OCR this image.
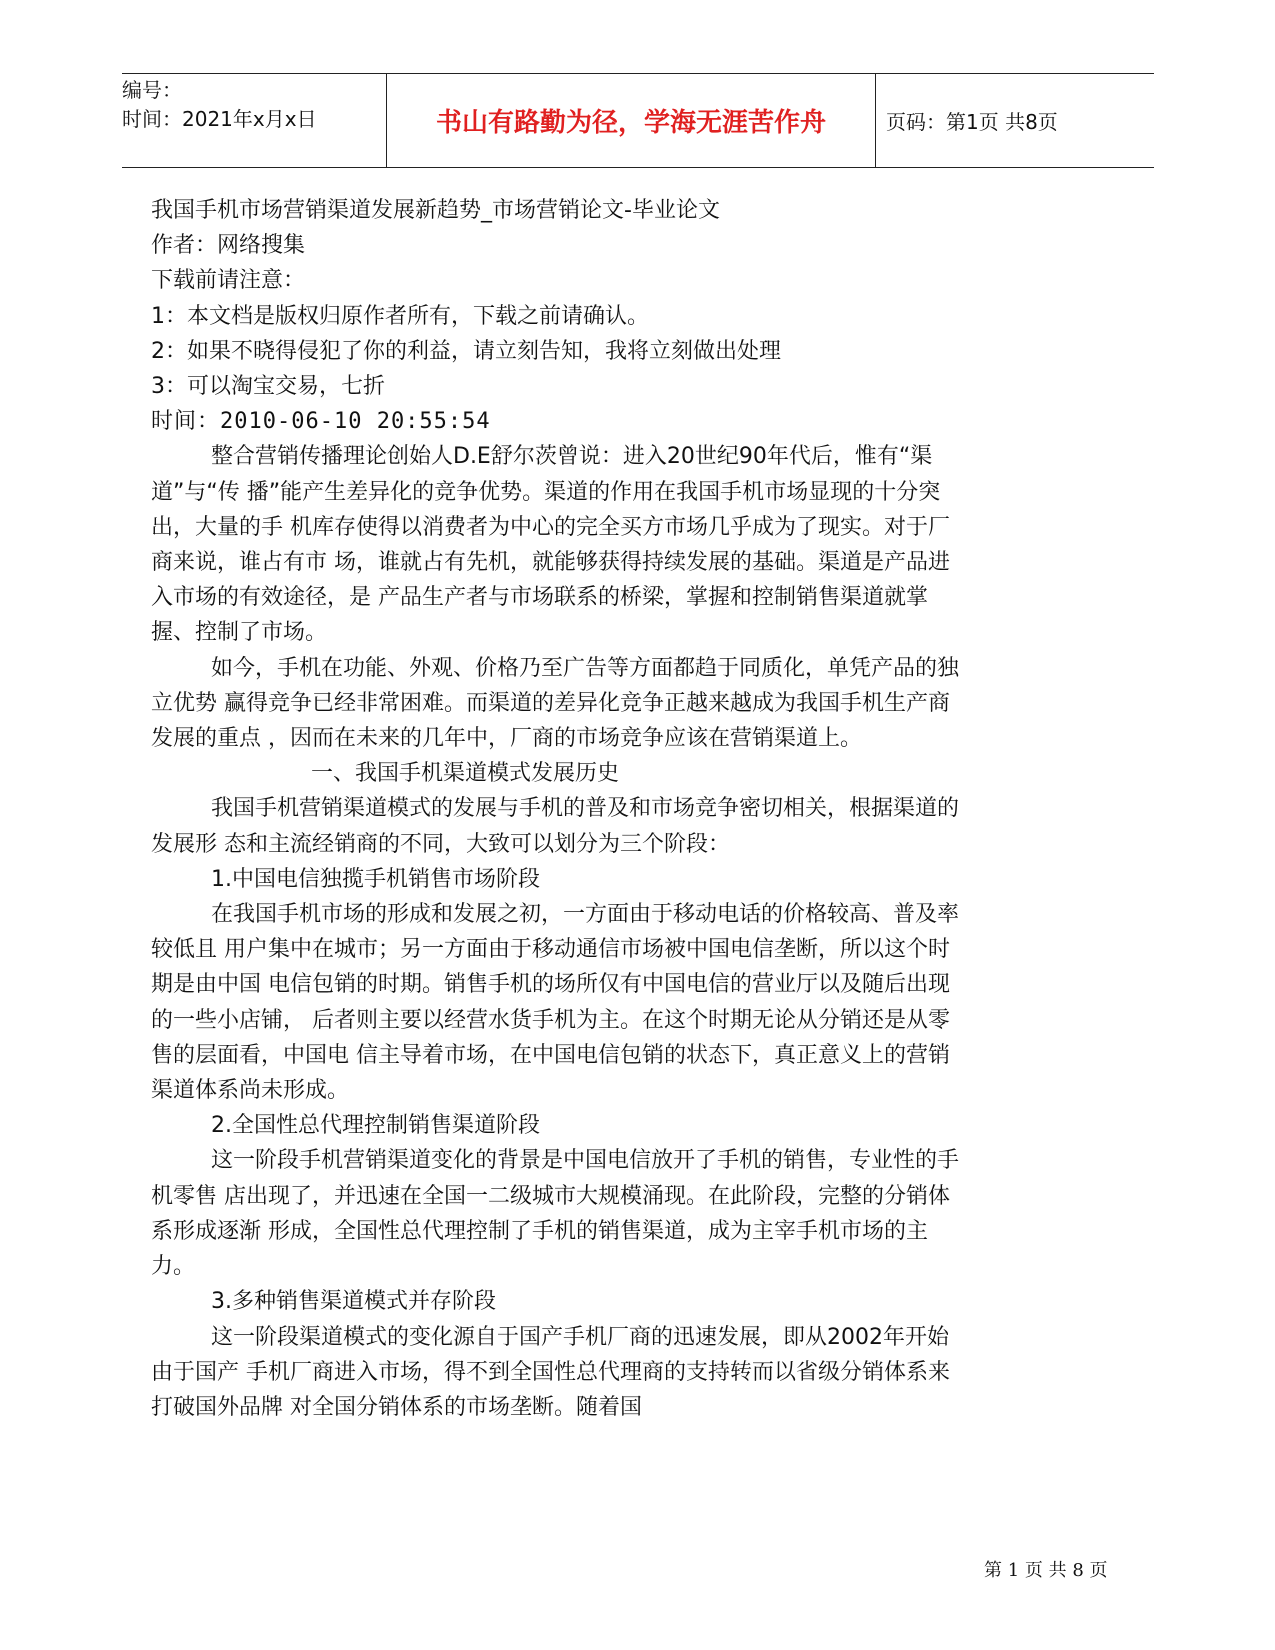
编号：
时间：2021年x月x日	书山有路勤为径，学海无涯苦作舟	页码：第1页 共8页

我国手机市场营销渠道发展新趋势_市场营销论文-毕业论文

作者：网络搜集

下载前请注意：

1：本文档是版权归原作者所有，下载之前请确认。

2：如果不晓得侵犯了你的利益，请立刻告知，我将立刻做出处理

3：可以淘宝交易，七折

时间：2010-06-10 20:55:54

整合营销传播理论创始人D.E舒尔茨曾说：进入20世纪90年代后，惟有“渠道”与“传 播”能产生差异化的竞争优势。渠道的作用在我国手机市场显现的十分突出，大量的手 机库存使得以消费者为中心的完全买方市场几乎成为了现实。对于厂商来说，谁占有市 场，谁就占有先机，就能够获得持续发展的基础。渠道是产品进入市场的有效途径，是 产品生产者与市场联系的桥梁，掌握和控制销售渠道就掌握、控制了市场。

如今，手机在功能、外观、价格乃至广告等方面都趋于同质化，单凭产品的独立优势 赢得竞争已经非常困难。而渠道的差异化竞争正越来越成为我国手机生产商发展的重点 ，因而在未来的几年中，厂商的市场竞争应该在营销渠道上。

一、我国手机渠道模式发展历史

我国手机营销渠道模式的发展与手机的普及和市场竞争密切相关，根据渠道的发展形 态和主流经销商的不同，大致可以划分为三个阶段：

1.中国电信独揽手机销售市场阶段

在我国手机市场的形成和发展之初，一方面由于移动电话的价格较高、普及率较低且 用户集中在城市；另一方面由于移动通信市场被中国电信垄断，所以这个时期是由中国 电信包销的时期。销售手机的场所仅有中国电信的营业厅以及随后出现的一些小店铺， 后者则主要以经营水货手机为主。在这个时期无论从分销还是从零售的层面看，中国电 信主导着市场，在中国电信包销的状态下，真正意义上的营销渠道体系尚未形成。

2.全国性总代理控制销售渠道阶段

这一阶段手机营销渠道变化的背景是中国电信放开了手机的销售，专业性的手机零售 店出现了，并迅速在全国一二级城市大规模涌现。在此阶段，完整的分销体系形成逐渐 形成，全国性总代理控制了手机的销售渠道，成为主宰手机市场的主力。

3.多种销售渠道模式并存阶段

这一阶段渠道模式的变化源自于国产手机厂商的迅速发展，即从2002年开始由于国产 手机厂商进入市场，得不到全国性总代理商的支持转而以省级分销体系来打破国外品牌 对全国分销体系的市场垄断。随着国

第 1 页 共 8 页
